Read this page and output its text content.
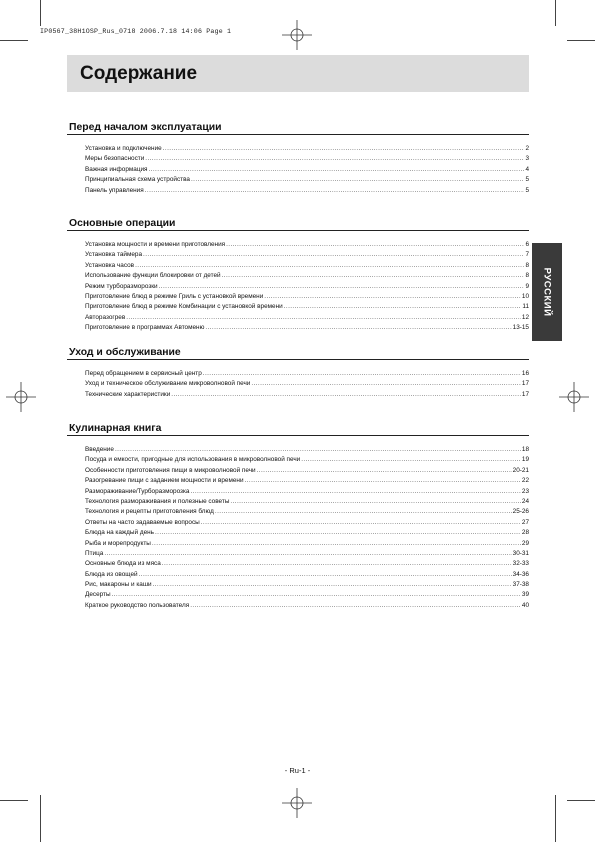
IP0567_38H1OSP_Rus_0718 2006.7.18 14:06 Page 1
Содержание
РУССКИЙ
Перед началом эксплуатации
Установка и подключение .....	2
Меры безопасности .....	3
Важная информация .....	4
Принципиальная схема устройства .....	5
Панель управления .....	5
Основные операции
Установка мощности и времени приготовления .....	6
Установка таймера .....	7
Установка часов .....	8
Использование функции блокировки от детей .....	8
Режим турборазморозки .....	9
Приготовление блюд в режиме Гриль с установкой времени .....	10
Приготовление блюд в режиме Комбинации с установкой времени .....	11
Авторазогрев .....	12
Приготовление в программах Автоменю .....	13-15
Уход и обслуживание
Перед обращением в сервисный центр .....	16
Уход и техническое обслуживание микроволновой печи .....	17
Технические характеристики .....	17
Кулинарная книга
Введение .....	18
Посуда и емкости, пригодные для использования в микроволновой печи .....	19
Особенности приготовления пищи в микроволновой печи .....	20-21
Разогревание пищи с заданием мощности и времени .....	22
Размораживание/Турборазморозка .....	23
Технология размораживания и полезные советы .....	24
Технология и рецепты приготовления блюд .....	25-26
Ответы на часто задаваемые вопросы .....	27
Блюда на каждый день .....	28
Рыба и морепродукты .....	29
Птица .....	30-31
Основные блюда из мяса .....	32-33
Блюда из овощей .....	34-36
Рис, макароны и каши .....	37-38
Десерты .....	39
Краткое руководство пользователя .....	40
- Ru-1 -
